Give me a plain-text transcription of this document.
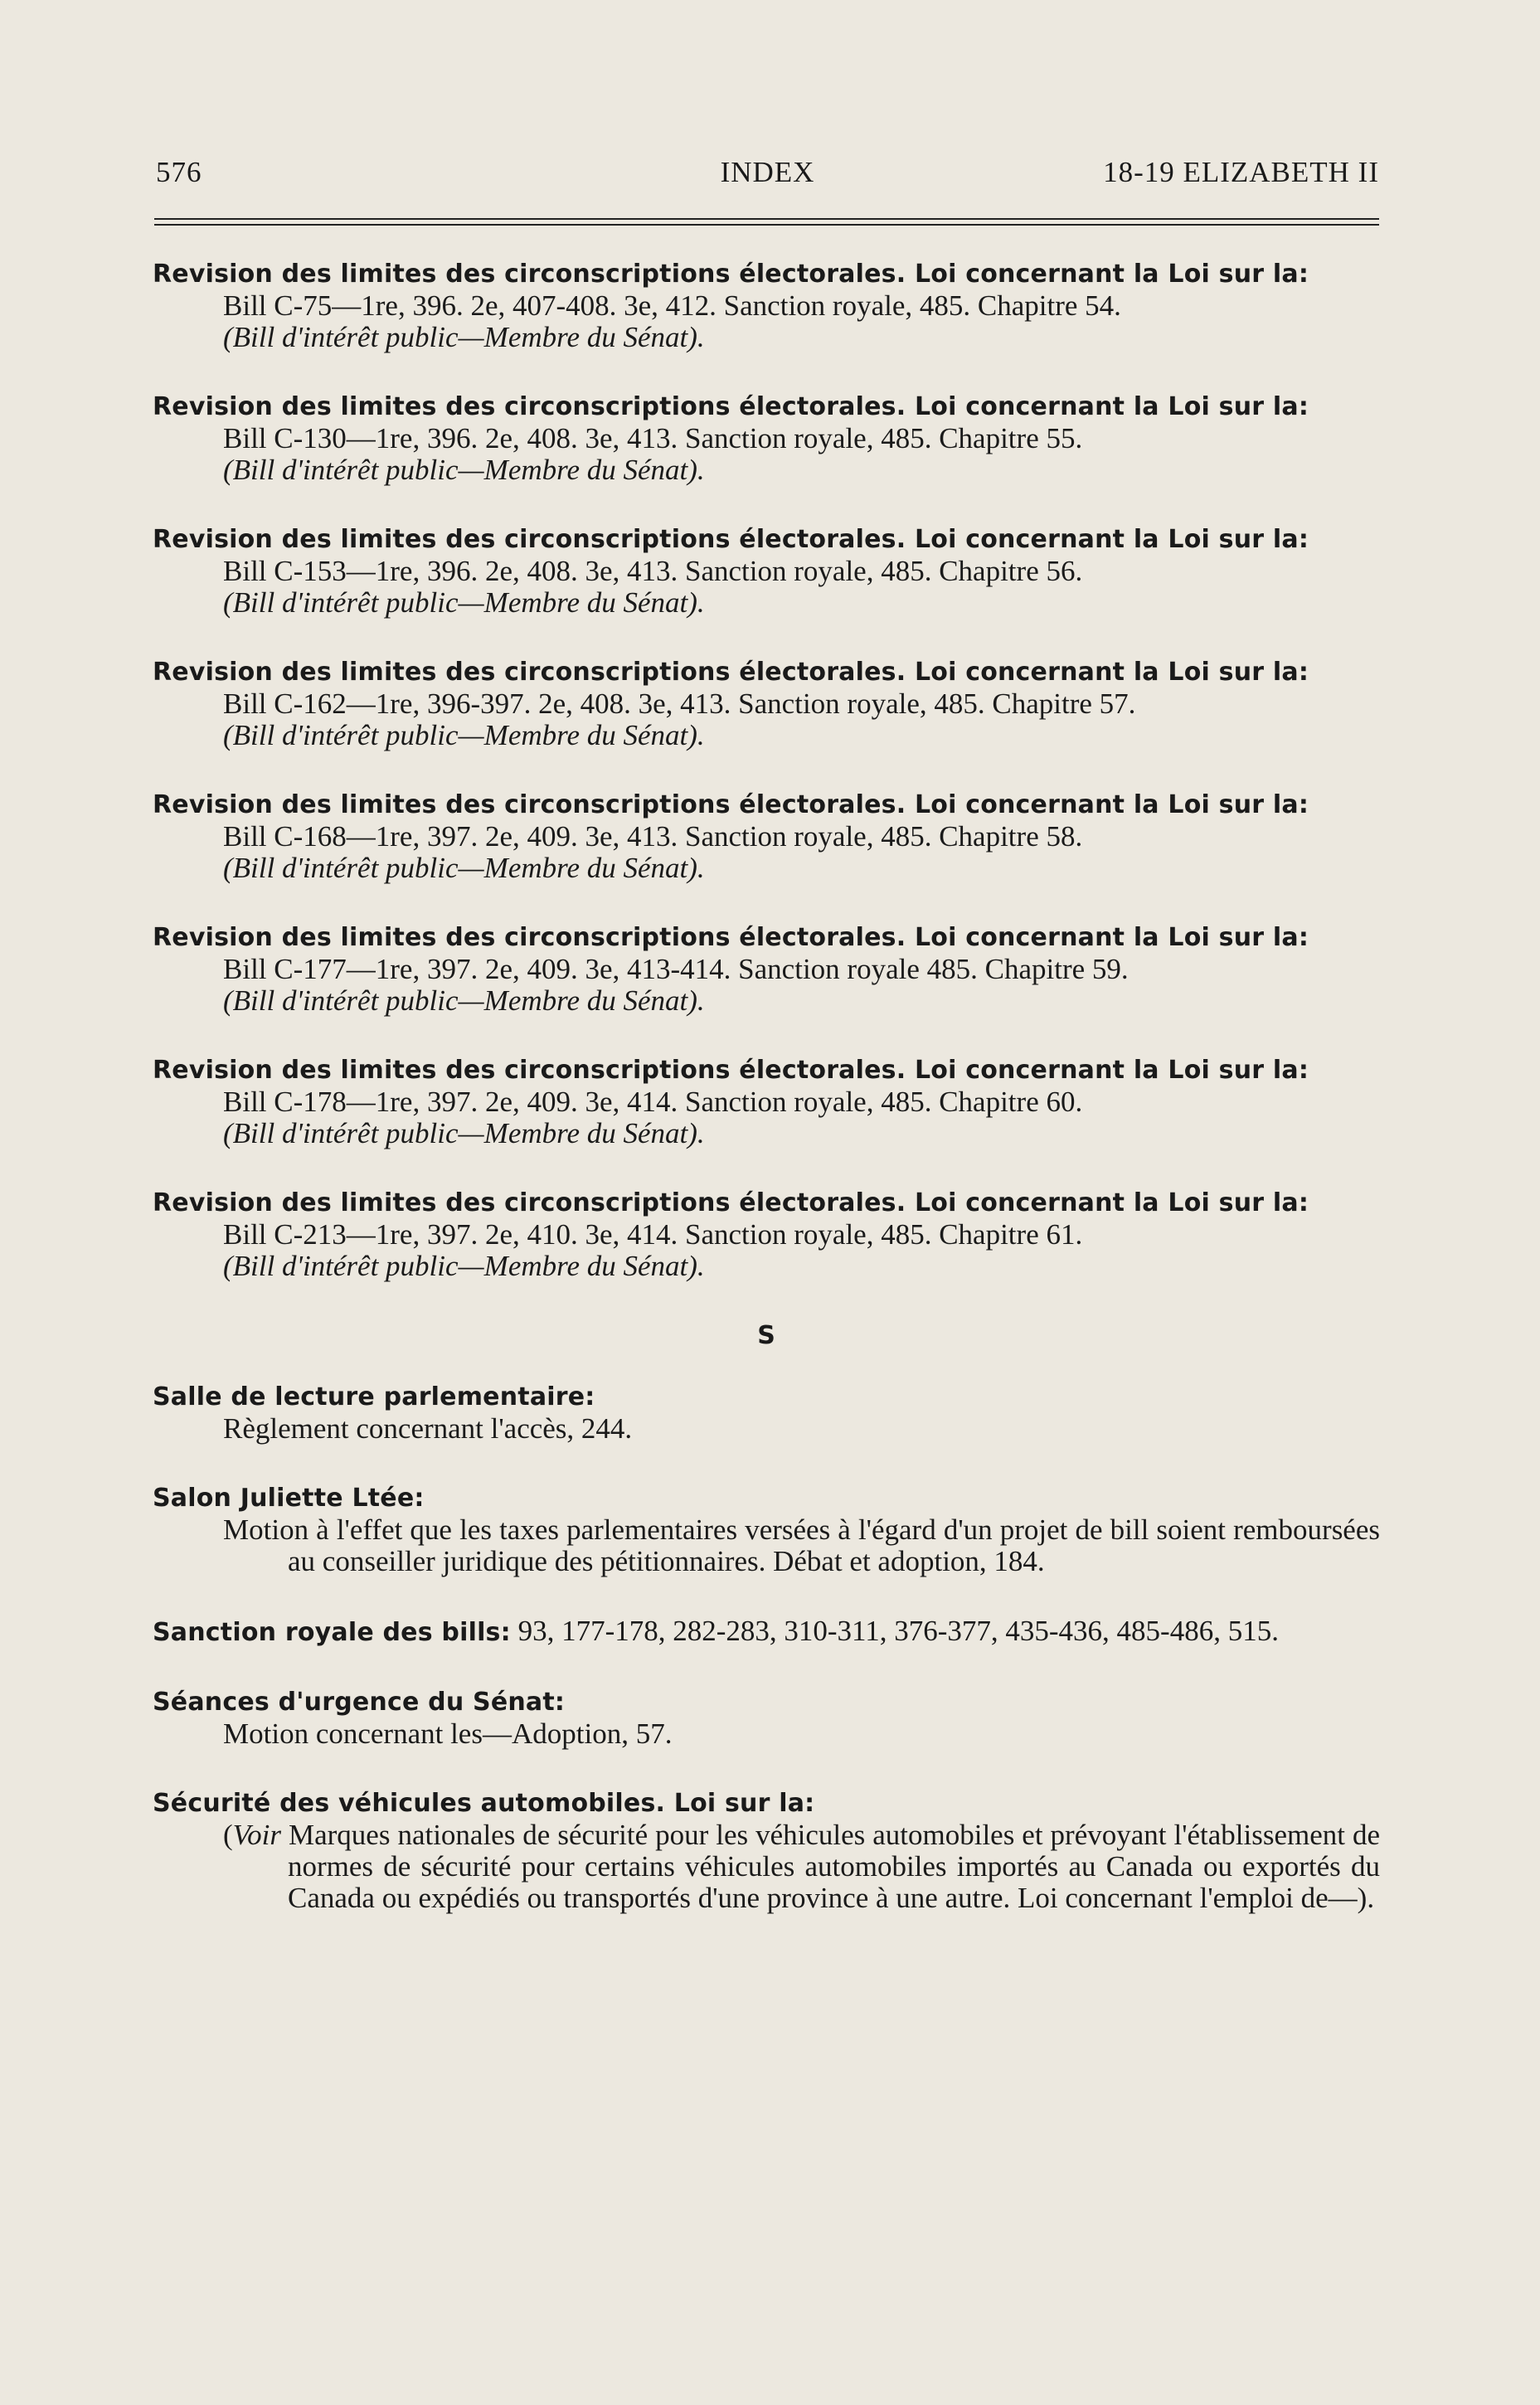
576	INDEX	18-19 ELIZABETH II
Revision des limites des circonscriptions électorales. Loi concernant la Loi sur la:
Bill C-75—1re, 396. 2e, 407-408. 3e, 412. Sanction royale, 485. Chapitre 54.
(Bill d'intérêt public—Membre du Sénat).
Revision des limites des circonscriptions électorales. Loi concernant la Loi sur la:
Bill C-130—1re, 396. 2e, 408. 3e, 413. Sanction royale, 485. Chapitre 55.
(Bill d'intérêt public—Membre du Sénat).
Revision des limites des circonscriptions électorales. Loi concernant la Loi sur la:
Bill C-153—1re, 396. 2e, 408. 3e, 413. Sanction royale, 485. Chapitre 56.
(Bill d'intérêt public—Membre du Sénat).
Revision des limites des circonscriptions électorales. Loi concernant la Loi sur la:
Bill C-162—1re, 396-397. 2e, 408. 3e, 413. Sanction royale, 485. Chapitre 57.
(Bill d'intérêt public—Membre du Sénat).
Revision des limites des circonscriptions électorales. Loi concernant la Loi sur la:
Bill C-168—1re, 397. 2e, 409. 3e, 413. Sanction royale, 485. Chapitre 58.
(Bill d'intérêt public—Membre du Sénat).
Revision des limites des circonscriptions électorales. Loi concernant la Loi sur la:
Bill C-177—1re, 397. 2e, 409. 3e, 413-414. Sanction royale 485. Chapitre 59.
(Bill d'intérêt public—Membre du Sénat).
Revision des limites des circonscriptions électorales. Loi concernant la Loi sur la:
Bill C-178—1re, 397. 2e, 409. 3e, 414. Sanction royale, 485. Chapitre 60.
(Bill d'intérêt public—Membre du Sénat).
Revision des limites des circonscriptions électorales. Loi concernant la Loi sur la:
Bill C-213—1re, 397. 2e, 410. 3e, 414. Sanction royale, 485. Chapitre 61.
(Bill d'intérêt public—Membre du Sénat).
S
Salle de lecture parlementaire:
Règlement concernant l'accès, 244.
Salon Juliette Ltée:
Motion à l'effet que les taxes parlementaires versées à l'égard d'un projet de bill soient remboursées au conseiller juridique des pétitionnaires. Débat et adoption, 184.
Sanction royale des bills: 93, 177-178, 282-283, 310-311, 376-377, 435-436, 485-486, 515.
Séances d'urgence du Sénat:
Motion concernant les—Adoption, 57.
Sécurité des véhicules automobiles. Loi sur la:
(Voir Marques nationales de sécurité pour les véhicules automobiles et prévoyant l'établissement de normes de sécurité pour certains véhicules automobiles importés au Canada ou exportés du Canada ou expédiés ou transportés d'une province à une autre. Loi concernant l'emploi de—).
